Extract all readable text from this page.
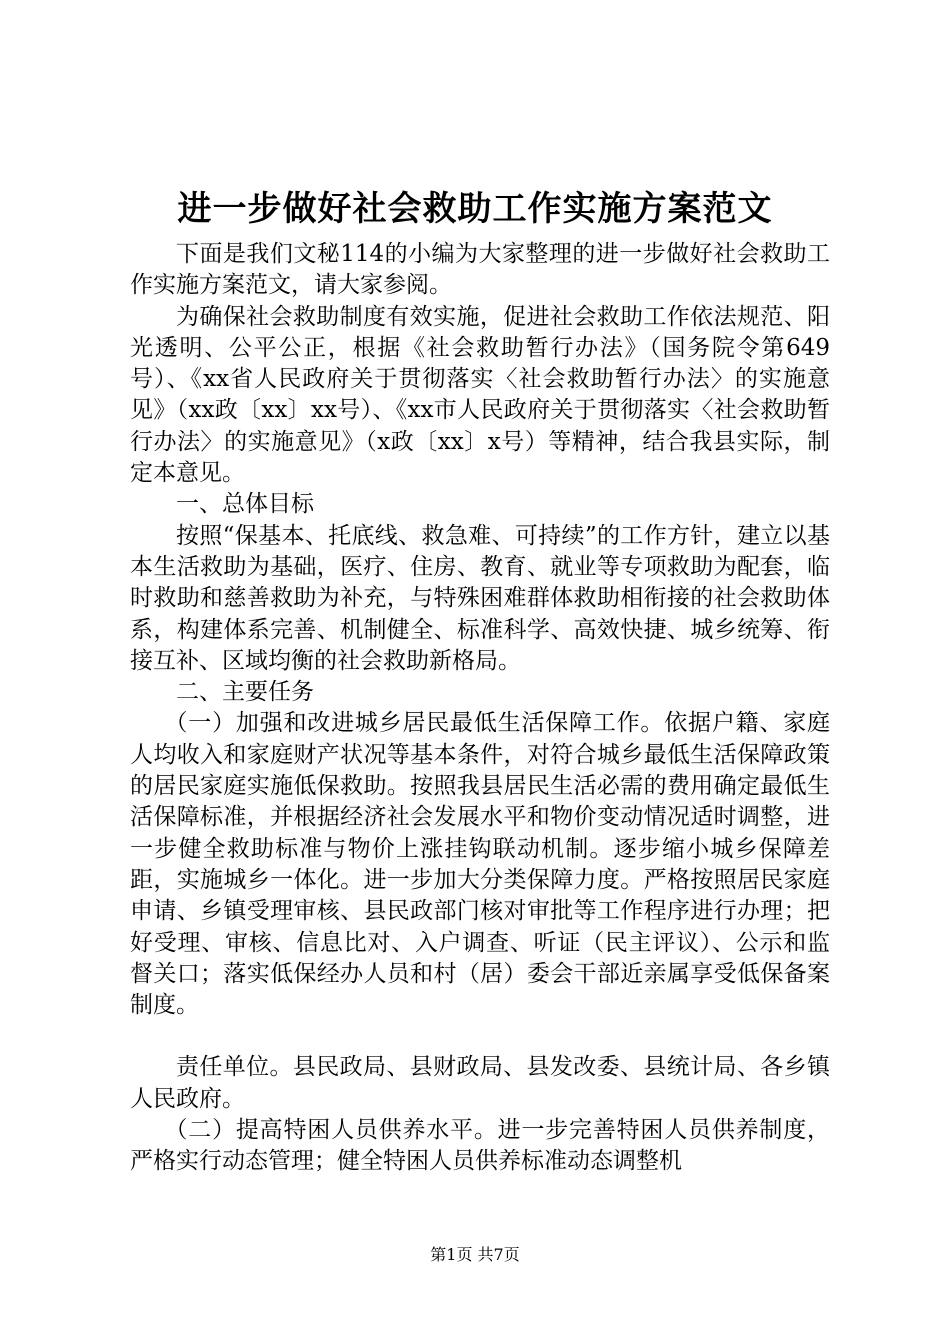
进一步做好社会救助工作实施方案范文

下面是我们文秘114的小编为大家整理的进一步做好社会救助工作实施方案范文，请大家参阅。

为确保社会救助制度有效实施，促进社会救助工作依法规范、阳光透明、公平公正，根据《社会救助暂行办法》（国务院令第649号）、《xx省人民政府关于贯彻落实〈社会救助暂行办法〉的实施意见》（xx政〔xx〕xx号）、《xx市人民政府关于贯彻落实〈社会救助暂行办法〉的实施意见》（x政〔xx〕x号）等精神，结合我县实际，制定本意见。

一、总体目标

按照“保基本、托底线、救急难、可持续”的工作方针，建立以基本生活救助为基础，医疗、住房、教育、就业等专项救助为配套，临时救助和慈善救助为补充，与特殊困难群体救助相衔接的社会救助体系，构建体系完善、机制健全、标准科学、高效快捷、城乡统筹、衔接互补、区域均衡的社会救助新格局。

二、主要任务

（一）加强和改进城乡居民最低生活保障工作。依据户籍、家庭人均收入和家庭财产状况等基本条件，对符合城乡最低生活保障政策的居民家庭实施低保救助。按照我县居民生活必需的费用确定最低生活保障标准，并根据经济社会发展水平和物价变动情况适时调整，进一步健全救助标准与物价上涨挂钩联动机制。逐步缩小城乡保障差距，实施城乡一体化。进一步加大分类保障力度。严格按照居民家庭申请、乡镇受理审核、县民政部门核对审批等工作程序进行办理；把好受理、审核、信息比对、入户调查、听证（民主评议）、公示和监督关口；落实低保经办人员和村（居）委会干部近亲属享受低保备案制度。

责任单位。县民政局、县财政局、县发改委、县统计局、各乡镇人民政府。

（二）提高特困人员供养水平。进一步完善特困人员供养制度，严格实行动态管理；健全特困人员供养标准动态调整机

第1页 共7页
